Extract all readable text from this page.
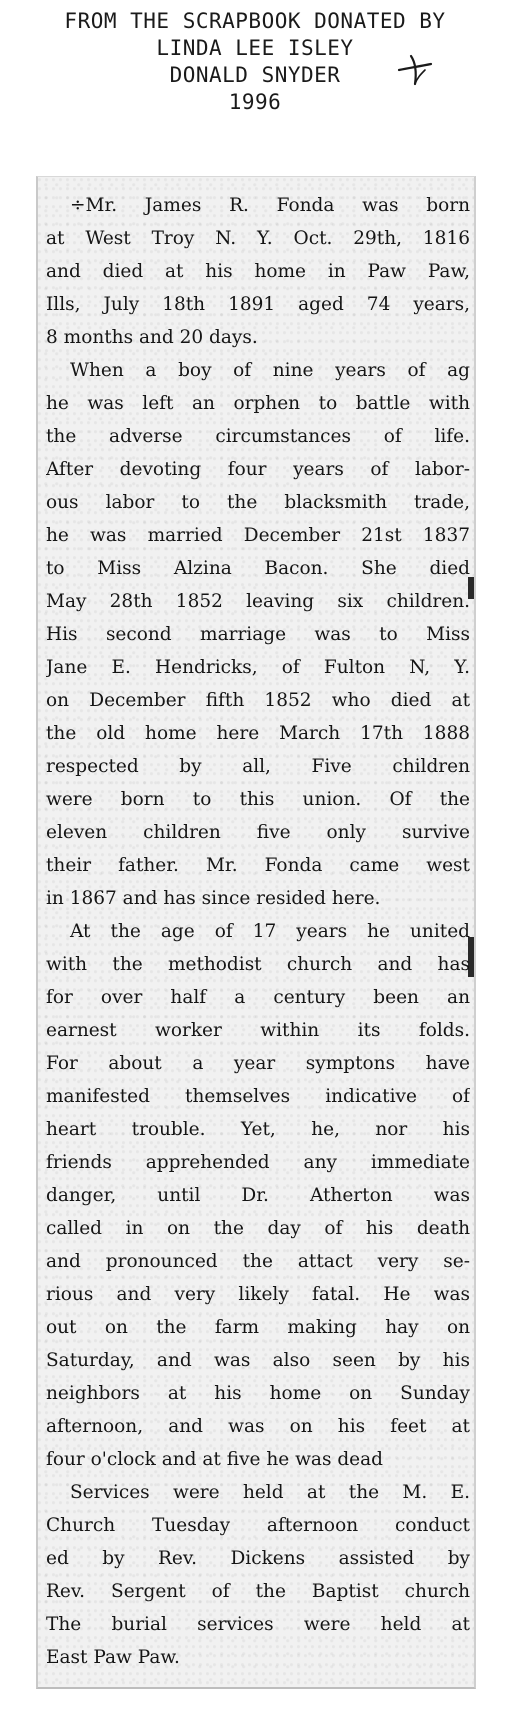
FROM THE SCRAPBOOK DONATED BY
LINDA LEE ISLEY
DONALD SNYDER
1996
÷Mr. James R. Fonda was born
at West Troy N. Y. Oct. 29th, 1816
and died at his home in Paw Paw,
Ills, July 18th 1891 aged 74 years,
8 months and 20 days.
When a boy of nine years of ag
he was left an orphen to battle with
the adverse circumstances of life.
After devoting four years of labor-
ous labor to the blacksmith trade,
he was married December 21st 1837
to Miss Alzina Bacon. She died
May 28th 1852 leaving six children.
His second marriage was to Miss
Jane E. Hendricks, of Fulton N, Y.
on December fifth 1852 who died at
the old home here March 17th 1888
respected by all, Five children
were born to this union. Of the
eleven children five only survive
their father. Mr. Fonda came west
in 1867 and has since resided here.
At the age of 17 years he united
with the methodist church and has
for over half a century been an
earnest worker within its folds.
For about a year symptons have
manifested themselves indicative of
heart trouble. Yet, he, nor his
friends apprehended any immediate
danger, until Dr. Atherton was
called in on the day of his death
and pronounced the attact very se-
rious and very likely fatal. He was
out on the farm making hay on
Saturday, and was also seen by his
neighbors at his home on Sunday
afternoon, and was on his feet at
four o'clock and at five he was dead
Services were held at the M. E.
Church Tuesday afternoon conduct
ed by Rev. Dickens assisted by
Rev. Sergent of the Baptist church
The burial services were held at
East Paw Paw.
